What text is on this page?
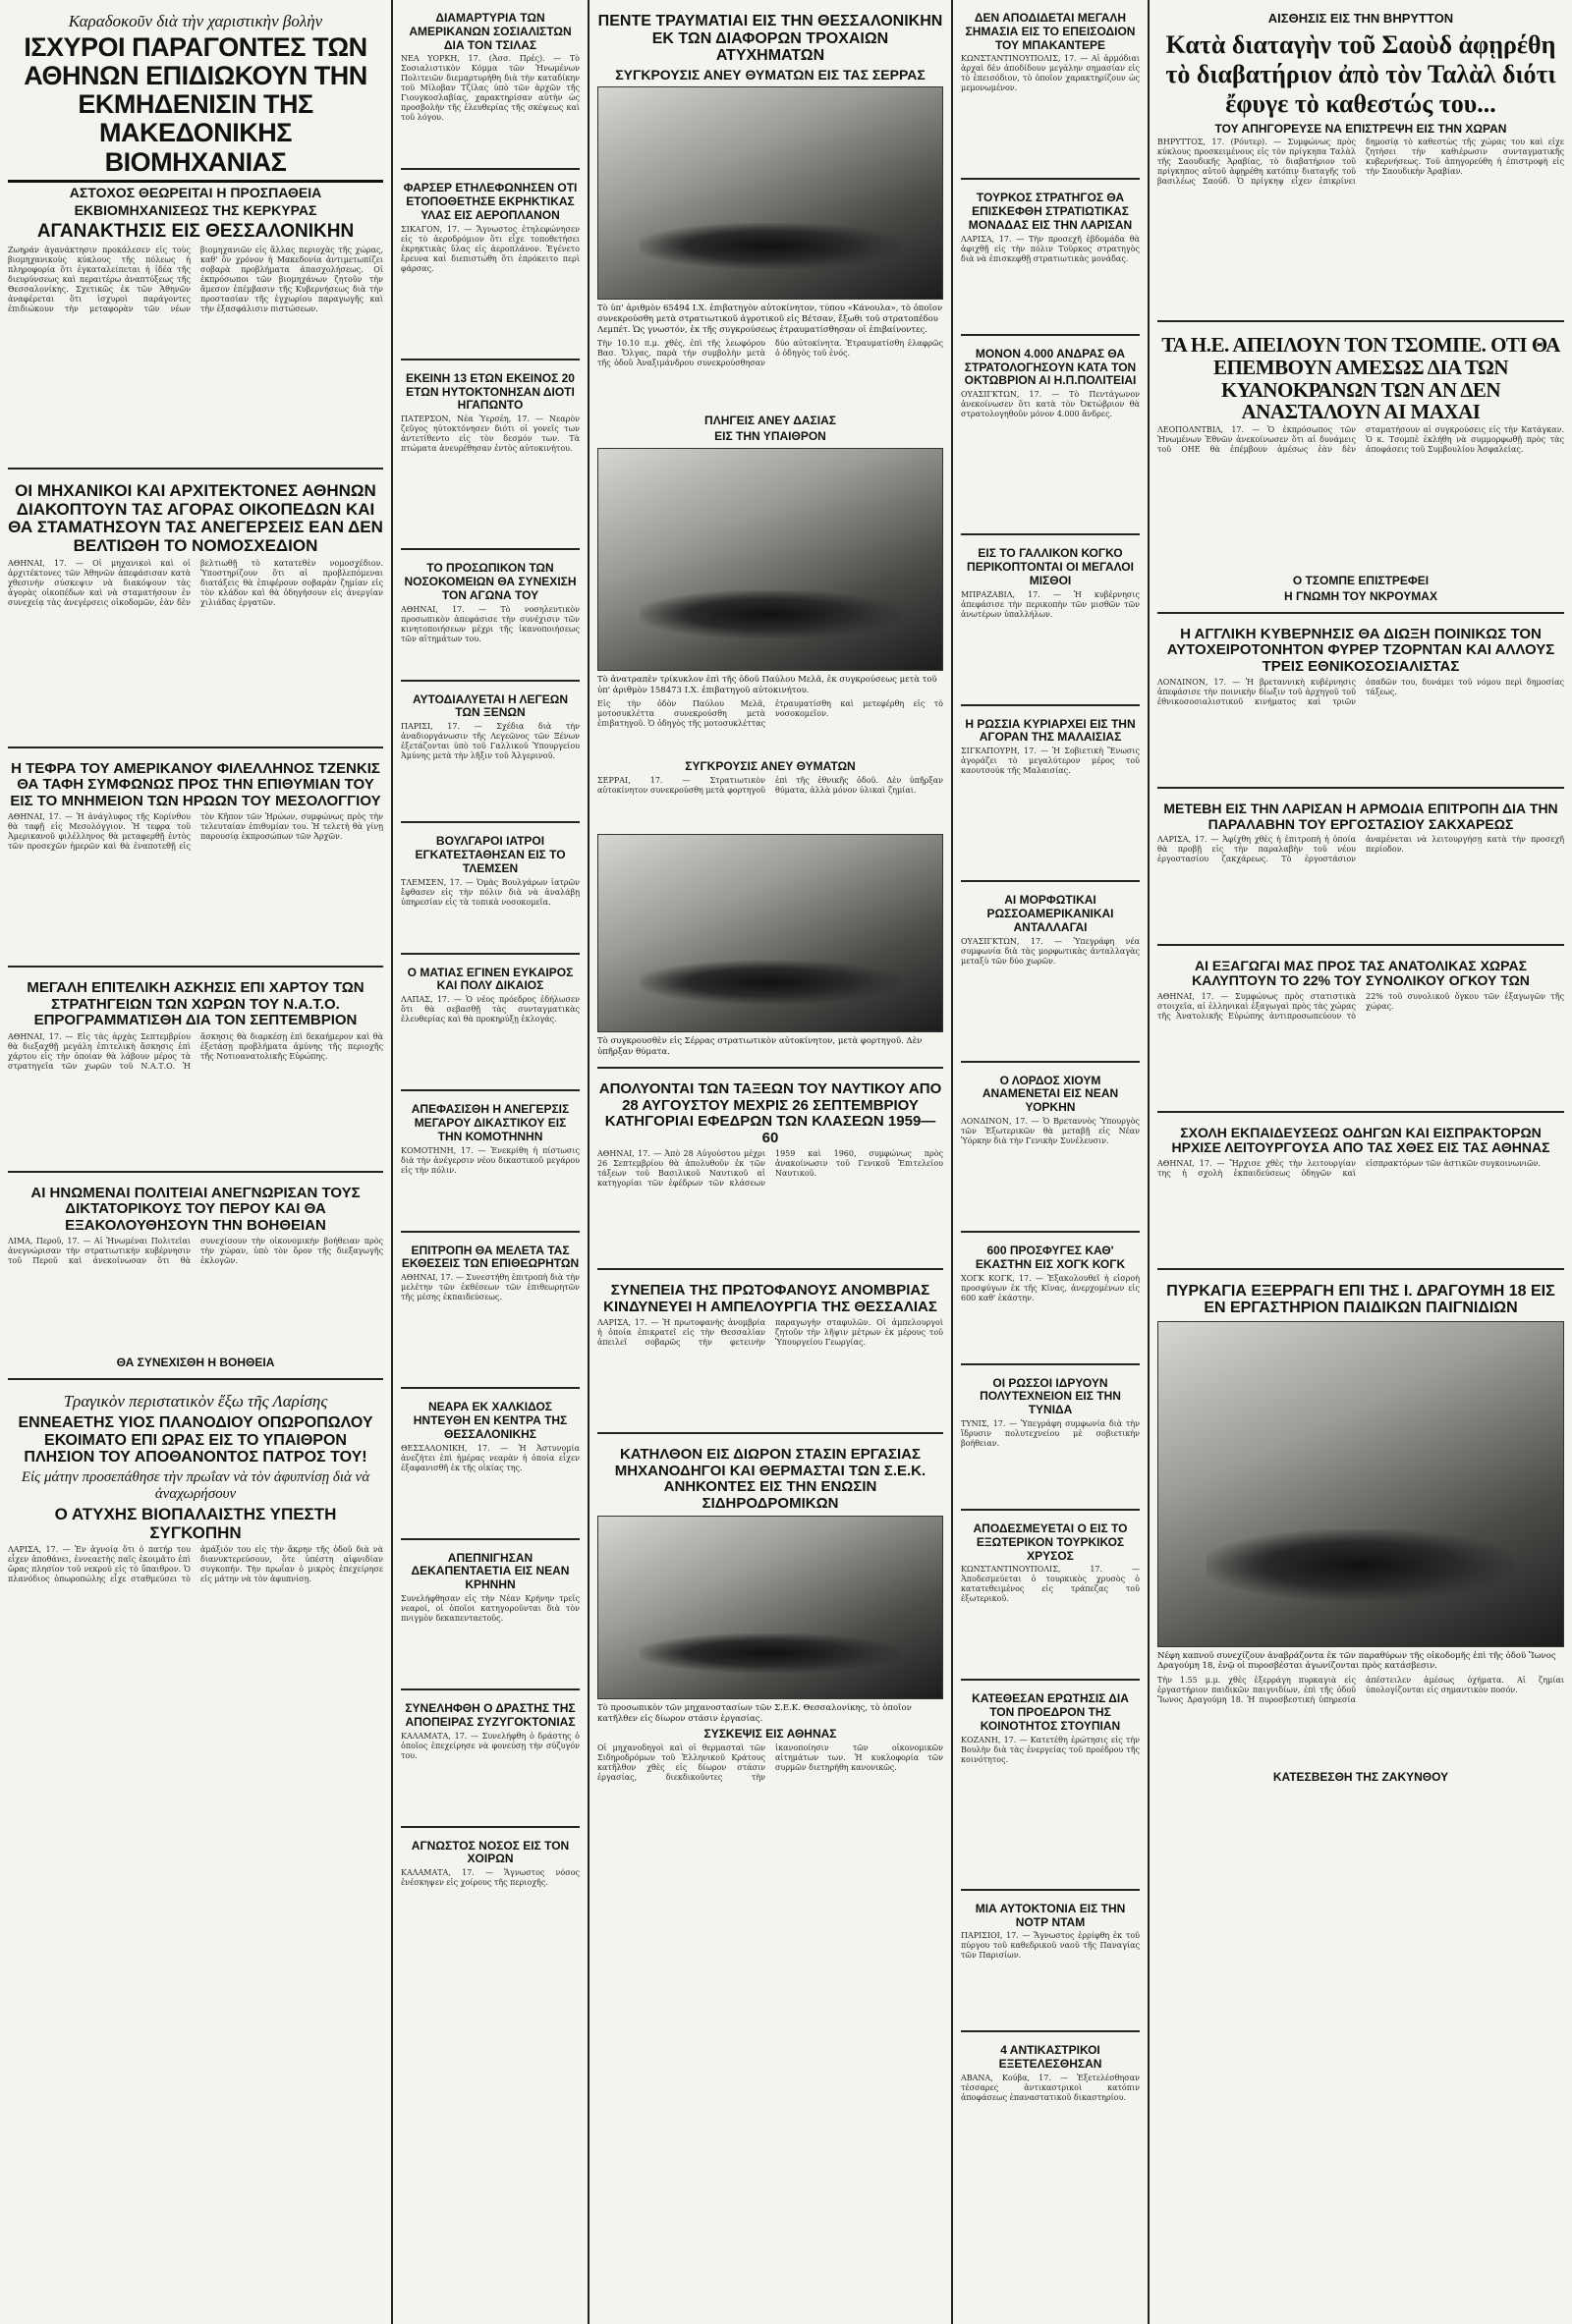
Καραδοκοῦν διὰ τὴν χαριστικὴν βολὴν
ΙΣΧΥΡΟΙ ΠΑΡΑΓΟΝΤΕΣ ΤΩΝ ΑΘΗΝΩΝ ΕΠΙΔΙΩΚΟΥΝ ΤΗΝ ΕΚΜΗΔΕΝΙΣΙΝ ΤΗΣ ΜΑΚΕΔΟΝΙΚΗΣ ΒΙΟΜΗΧΑΝΙΑΣ
ΑΣΤΟΧΟΣ ΘΕΩΡΕΙΤΑΙ Η ΠΡΟΣΠΑΘΕΙΑ
ΕΚΒΙΟΜΗΧΑΝΙΣΕΩΣ ΤΗΣ ΚΕΡΚΥΡΑΣ
ΑΓΑΝΑΚΤΗΣΙΣ ΕΙΣ ΘΕΣΣΑΛΟΝΙΚΗΝ
Ζωηράν ἀγανάκτησιν προκάλεσεν εἰς τοὺς βιομηχανικοὺς κύκλους τῆς πόλεως ἡ πληροφορία ὅτι ἐγκαταλείπεται ἡ ἰδέα τῆς διευρύνσεως καὶ περαιτέρω ἀναπτύξεως τῆς Θεσσαλονίκης. Σχετικῶς ἐκ τῶν Ἀθηνῶν ἀναφέρεται ὅτι ἰσχυροὶ παράγοντες ἐπιδιώκουν τὴν μεταφορὰν τῶν νέων βιομηχανιῶν εἰς ἄλλας περιοχὰς τῆς χώρας, καθ' ὃν χρόνον ἡ Μακεδονία ἀντιμετωπίζει σοβαρὰ προβλήματα ἀπασχολήσεως. Οἱ ἐκπρόσωποι τῶν βιομηχάνων ζητοῦν τὴν ἄμεσον ἐπέμβασιν τῆς Κυβερνήσεως διὰ τὴν προστασίαν τῆς ἐγχωρίου παραγωγῆς καὶ τὴν ἐξασφάλισιν πιστώσεων.
ΟΙ ΜΗΧΑΝΙΚΟΙ ΚΑΙ ΑΡΧΙΤΕΚΤΟΝΕΣ ΑΘΗΝΩΝ ΔΙΑΚΟΠΤΟΥΝ ΤΑΣ ΑΓΟΡΑΣ ΟΙΚΟΠΕΔΩΝ ΚΑΙ ΘΑ ΣΤΑΜΑΤΗΣΟΥΝ ΤΑΣ ΑΝΕΓΕΡΣΕΙΣ ΕΑΝ ΔΕΝ ΒΕΛΤΙΩΘΗ ΤΟ ΝΟΜΟΣΧΕΔΙΟΝ
ΑΘΗΝΑΙ, 17. — Οἱ μηχανικοὶ καὶ οἱ ἀρχιτέκτονες τῶν Ἀθηνῶν ἀπεφάσισαν κατὰ χθεσινὴν σύσκεψιν νὰ διακόψουν τὰς ἀγορὰς οἰκοπέδων καὶ νὰ σταματήσουν ἐν συνεχείᾳ τὰς ἀνεγέρσεις οἰκοδομῶν, ἐὰν δὲν βελτιωθῇ τὸ κατατεθὲν νομοσχέδιον. Ὑποστηρίζουν ὅτι αἱ προβλεπόμεναι διατάξεις θὰ ἐπιφέρουν σοβαρὰν ζημίαν εἰς τὸν κλάδον καὶ θὰ ὁδηγήσουν εἰς ἀνεργίαν χιλιάδας ἐργατῶν.
Η ΤΕΦΡΑ ΤΟΥ ΑΜΕΡΙΚΑΝΟΥ ΦΙΛΕΛΛΗΝΟΣ ΤΖΕΝΚΙΣ ΘΑ ΤΑΦΗ ΣΥΜΦΩΝΩΣ ΠΡΟΣ ΤΗΝ ΕΠΙΘΥΜΙΑΝ ΤΟΥ ΕΙΣ ΤΟ ΜΝΗΜΕΙΟΝ ΤΩΝ ΗΡΩΩΝ ΤΟΥ ΜΕΣΟΛΟΓΓΙΟΥ
ΑΘΗΝΑΙ, 17. — Ἡ ἀνάγλυφος τῆς Κορίνθου θὰ ταφῇ εἰς Μεσολόγγιον. Ἡ τεφρα τοῦ Ἀμερικανοῦ φιλέλληνος θὰ μεταφερθῇ ἐντὸς τῶν προσεχῶν ἡμερῶν καὶ θὰ ἐναποτεθῇ εἰς τὸν Κῆπον τῶν Ἡρώων, συμφώνως πρὸς τὴν τελευταίαν ἐπιθυμίαν του. Ἡ τελετὴ θὰ γίνῃ παρουσίᾳ ἐκπροσώπων τῶν Ἀρχῶν.
ΜΕΓΑΛΗ ΕΠΙΤΕΛΙΚΗ ΑΣΚΗΣΙΣ ΕΠΙ ΧΑΡΤΟΥ ΤΩΝ ΣΤΡΑΤΗΓΕΙΩΝ ΤΩΝ ΧΩΡΩΝ ΤΟΥ Ν.Α.Τ.Ο. ΕΠΡΟΓΡΑΜΜΑΤΙΣΘΗ ΔΙΑ ΤΟΝ ΣΕΠΤΕΜΒΡΙΟΝ
ΑΘΗΝΑΙ, 17. — Εἰς τὰς ἀρχὰς Σεπτεμβρίου θὰ διεξαχθῇ μεγάλη ἐπιτελικὴ ἄσκησις ἐπὶ χάρτου εἰς τὴν ὁποίαν θὰ λάβουν μέρος τὰ στρατηγεῖα τῶν χωρῶν τοῦ Ν.Α.Τ.Ο. Ἡ ἄσκησις θὰ διαρκέσῃ ἐπὶ δεκαήμερον καὶ θὰ ἐξετάσῃ προβλήματα ἀμύνης τῆς περιοχῆς τῆς Νοτιοανατολικῆς Εὐρώπης.
ΑΙ ΗΝΩΜΕΝΑΙ ΠΟΛΙΤΕΙΑΙ ΑΝΕΓΝΩΡΙΣΑΝ ΤΟΥΣ ΔΙΚΤΑΤΟΡΙΚΟΥΣ ΤΟΥ ΠΕΡΟΥ ΚΑΙ ΘΑ ΕΞΑΚΟΛΟΥΘΗΣΟΥΝ ΤΗΝ ΒΟΗΘΕΙΑΝ
ΛΙΜΑ, Περοῦ, 17. — Αἱ Ἡνωμέναι Πολιτεῖαι ἀνεγνώρισαν τὴν στρατιωτικὴν κυβέρνησιν τοῦ Περοῦ καὶ ἀνεκοίνωσαν ὅτι θὰ συνεχίσουν τὴν οἰκονομικὴν βοήθειαν πρὸς τὴν χώραν, ὑπὸ τὸν ὅρον τῆς διεξαγωγῆς ἐκλογῶν.
ΘΑ ΣΥΝΕΧΙΣΘΗ Η ΒΟΗΘΕΙΑ
Τραγικὸν περιστατικὸν ἔξω τῆς Λαρίσης
ΕΝΝΕΑΕΤΗΣ ΥΙΟΣ ΠΛΑΝΟΔΙΟΥ ΟΠΩΡΟΠΩΛΟΥ ΕΚΟΙΜΑΤΟ ΕΠΙ ΩΡΑΣ ΕΙΣ ΤΟ ΥΠΑΙΘΡΟΝ ΠΛΗΣΙΟΝ ΤΟΥ ΑΠΟΘΑΝΟΝΤΟΣ ΠΑΤΡΟΣ ΤΟΥ!
Εἰς μάτην προσεπάθησε τὴν πρωΐαν νὰ τὸν ἀφυπνίσῃ διὰ νὰ ἀναχωρήσουν
Ο ΑΤΥΧΗΣ ΒΙΟΠΑΛΑΙΣΤΗΣ ΥΠΕΣΤΗ ΣΥΓΚΟΠΗΝ
ΛΑΡΙΣΑ, 17. — Ἐν ἀγνοίᾳ ὅτι ὁ πατήρ του εἶχεν ἀποθάνει, ἐννεαετὴς παῖς ἐκοιμᾶτο ἐπὶ ὥρας πλησίον τοῦ νεκροῦ εἰς τὸ ὕπαιθρον. Ὁ πλανόδιος ὀπωροπώλης εἶχε σταθμεύσει τὸ ἁμάξιόν του εἰς τὴν ἄκρην τῆς ὁδοῦ διὰ νὰ διανυκτερεύσουν, ὅτε ὑπέστη αἰφνιδίαν συγκοπήν. Τὴν πρωΐαν ὁ μικρὸς ἐπεχείρησε εἰς μάτην νὰ τὸν ἀφυπνίσῃ.
ΔΙΑΜΑΡΤΥΡΙΑ ΤΩΝ ΑΜΕΡΙΚΑΝΩΝ ΣΟΣΙΑΛΙΣΤΩΝ ΔΙΑ ΤΟΝ ΤΣΙΛΑΣ
ΝΕΑ ΥΟΡΚΗ, 17. (Ἀσσ. Πρές). — Τὸ Σοσιαλιστικὸν Κόμμα τῶν Ἡνωμένων Πολιτειῶν διεμαρτυρήθη διὰ τὴν καταδίκην τοῦ Μίλοβαν Τζίλας ὑπὸ τῶν ἀρχῶν τῆς Γιουγκοσλαβίας, χαρακτηρίσαν αὐτὴν ὡς προσβολὴν τῆς ἐλευθερίας τῆς σκέψεως καὶ τοῦ λόγου.
ΦΑΡΣΕΡ ΕΤΗΛΕΦΩΝΗΣΕΝ ΟΤΙ ΕΤΟΠΟΘΕΤΗΣΕ ΕΚΡΗΚΤΙΚΑΣ ΥΛΑΣ ΕΙΣ ΑΕΡΟΠΛΑΝΟΝ
ΣΙΚΑΓΟΝ, 17. — Ἄγνωστος ἐτηλεφώνησεν εἰς τὸ ἀεροδρόμιον ὅτι εἶχε τοποθετήσει ἐκρηκτικὰς ὕλας εἰς ἀεροπλάνον. Ἐγένετο ἔρευνα καὶ διεπιστώθη ὅτι ἐπρόκειτο περὶ φάρσας.
ΕΚΕΙΝΗ 13 ΕΤΩΝ ΕΚΕΙΝΟΣ 20 ΕΤΩΝ ΗΥΤΟΚΤΟΝΗΣΑΝ ΔΙΟΤΙ ΗΓΑΠΩΝΤΟ
ΠΑΤΕΡΣΟΝ, Νέα Ὑερσέη, 17. — Νεαρὸν ζεῦγος ηὐτοκτόνησεν διότι οἱ γονεῖς των ἀντετίθεντο εἰς τὸν δεσμόν των. Τὰ πτώματα ἀνευρέθησαν ἐντὸς αὐτοκινήτου.
ΤΟ ΠΡΟΣΩΠΙΚΟΝ ΤΩΝ ΝΟΣΟΚΟΜΕΙΩΝ ΘΑ ΣΥΝΕΧΙΣΗ ΤΟΝ ΑΓΩΝΑ ΤΟΥ
ΑΘΗΝΑΙ, 17. — Τὸ νοσηλευτικὸν προσωπικὸν ἀπεφάσισε τὴν συνέχισιν τῶν κινητοποιήσεων μέχρι τῆς ἱκανοποιήσεως τῶν αἰτημάτων του.
ΑΥΤΟΔΙΑΛΥΕΤΑΙ Η ΛΕΓΕΩΝ ΤΩΝ ΞΕΝΩΝ
ΠΑΡΙΣΙ, 17. — Σχέδια διὰ τὴν ἀναδιοργάνωσιν τῆς Λεγεῶνος τῶν Ξένων ἐξετάζονται ὑπὸ τοῦ Γαλλικοῦ Ὑπουργείου Ἀμύνης μετὰ τὴν λῆξιν τοῦ Ἀλγερινοῦ.
ΒΟΥΛΓΑΡΟΙ ΙΑΤΡΟΙ ΕΓΚΑΤΕΣΤΑΘΗΣΑΝ ΕΙΣ ΤΟ ΤΛΕΜΣΕΝ
ΤΛΕΜΣΕΝ, 17. — Ὁμὰς Βουλγάρων ἰατρῶν ἔφθασεν εἰς τὴν πόλιν διὰ νὰ ἀναλάβῃ ὑπηρεσίαν εἰς τὰ τοπικὰ νοσοκομεῖα.
Ο ΜΑΤΙΑΣ ΕΓΙΝΕΝ ΕΥΚΑΙΡΟΣ ΚΑΙ ΠΟΛΥ ΔΙΚΑΙΟΣ
ΛΑΠΑΣ, 17. — Ὁ νέος πρόεδρος ἐδήλωσεν ὅτι θὰ σεβασθῇ τὰς συνταγματικὰς ἐλευθερίας καὶ θὰ προκηρύξῃ ἐκλογάς.
ΑΠΕΦΑΣΙΣΘΗ Η ΑΝΕΓΕΡΣΙΣ ΜΕΓΑΡΟΥ ΔΙΚΑΣΤΙΚΟΥ ΕΙΣ ΤΗΝ ΚΟΜΟΤΗΝΗΝ
ΚΟΜΟΤΗΝΗ, 17. — Ἐνεκρίθη ἡ πίστωσις διὰ τὴν ἀνέγερσιν νέου δικαστικοῦ μεγάρου εἰς τὴν πόλιν.
ΕΠΙΤΡΟΠΗ ΘΑ ΜΕΛΕΤΑ ΤΑΣ ΕΚΘΕΣΕΙΣ ΤΩΝ ΕΠΙΘΕΩΡΗΤΩΝ
ΑΘΗΝΑΙ, 17. — Συνεστήθη ἐπιτροπὴ διὰ τὴν μελέτην τῶν ἐκθέσεων τῶν ἐπιθεωρητῶν τῆς μέσης ἐκπαιδεύσεως.
ΝΕΑΡΑ ΕΚ ΧΑΛΚΙΔΟΣ ΗΝΤΕΥΘΗ ΕΝ ΚΕΝΤΡΑ ΤΗΣ ΘΕΣΣΑΛΟΝΙΚΗΣ
ΘΕΣΣΑΛΟΝΙΚΗ, 17. — Ἡ Ἀστυνομία ἀνεζήτει ἐπὶ ἡμέρας νεαρὰν ἡ ὁποία εἶχεν ἐξαφανισθῆ ἐκ τῆς οἰκίας της.
ΑΠΕΠΝΙΓΗΣΑΝ ΔΕΚΑΠΕΝΤΑΕΤΙΑ ΕΙΣ ΝΕΑΝ ΚΡΗΝΗΝ
Συνελήφθησαν εἰς τὴν Νέαν Κρήνην τρεῖς νεαροί, οἱ ὁποῖοι κατηγοροῦνται διὰ τὸν πνιγμὸν δεκαπενταετοῦς.
ΣΥΝΕΛΗΦΘΗ Ο ΔΡΑΣΤΗΣ ΤΗΣ ΑΠΟΠΕΙΡΑΣ ΣΥΖΥΓΟΚΤΟΝΙΑΣ
ΚΑΛΑΜΑΤΑ, 17. — Συνελήφθη ὁ δράστης ὁ ὁποῖος ἐπεχείρησε νὰ φονεύσῃ τὴν σύζυγόν του.
ΑΓΝΩΣΤΟΣ ΝΟΣΟΣ ΕΙΣ ΤΟΝ ΧΟΙΡΩΝ
ΚΑΛΑΜΑΤΑ, 17. — Ἄγνωστος νόσος ἐνέσκηψεν εἰς χοίρους τῆς περιοχῆς.
ΠΕΝΤΕ ΤΡΑΥΜΑΤΙΑΙ ΕΙΣ ΤΗΝ ΘΕΣΣΑΛΟΝΙΚΗΝ ΕΚ ΤΩΝ ΔΙΑΦΟΡΩΝ ΤΡΟΧΑΙΩΝ ΑΤΥΧΗΜΑΤΩΝ
ΣΥΓΚΡΟΥΣΙΣ ΑΝΕΥ ΘΥΜΑΤΩΝ ΕΙΣ ΤΑΣ ΣΕΡΡΑΣ
Τὸ ὑπ' ἀριθμὸν 65494 Ι.Χ. ἐπιβατηγὸν αὐτοκίνητον, τύπου «Κάνουλα», τὸ ὁποῖον συνεκρούσθη μετὰ στρατιωτικοῦ ἀγροτικοῦ εἰς Βέτσαν, ἔξωθι τοῦ στρατοπέδου Λεμπέτ. Ὡς γνωστόν, ἐκ τῆς συγκρούσεως ἐτραυματίσθησαν οἱ ἐπιβαίνοντες.
Τὴν 10.10 π.μ. χθές, ἐπὶ τῆς λεωφόρου Βασ. Ὄλγας, παρὰ τὴν συμβολὴν μετὰ τῆς ὁδοῦ Ἀναξιμάνδρου συνεκρούσθησαν δύο αὐτοκίνητα. Ἐτραυματίσθη ἐλαφρῶς ὁ ὁδηγὸς τοῦ ἑνός.
ΠΛΗΓΕΙΣ ΑΝΕΥ ΔΑΣΙΑΣ
ΕΙΣ ΤΗΝ ΥΠΑΙΘΡΟΝ
Τὸ ἀνατραπὲν τρίκυκλον ἐπὶ τῆς ὁδοῦ Παύλου Μελᾶ, ἐκ συγκρούσεως μετὰ τοῦ ὑπ' ἀριθμὸν 158473 Ι.Χ. ἐπιβατηγοῦ αὐτοκινήτου.
Εἰς τὴν ὁδὸν Παύλου Μελᾶ, μοτοσυκλέττα συνεκρούσθη μετὰ ἐπιβατηγοῦ. Ὁ ὁδηγὸς τῆς μοτοσυκλέττας ἐτραυματίσθη καὶ μετεφέρθη εἰς τὸ νοσοκομεῖον.
ΣΥΓΚΡΟΥΣΙΣ ΑΝΕΥ ΘΥΜΑΤΩΝ
ΣΕΡΡΑΙ, 17. — Στρατιωτικὸν αὐτοκίνητον συνεκρούσθη μετὰ φορτηγοῦ ἐπὶ τῆς ἐθνικῆς ὁδοῦ. Δὲν ὑπῆρξαν θύματα, ἀλλὰ μόνον ὑλικαὶ ζημίαι.
Τὸ συγκρουσθὲν εἰς Σέρρας στρατιωτικὸν αὐτοκίνητον, μετὰ φορτηγοῦ. Δὲν ὑπῆρξαν θύματα.
ΑΠΟΛΥΟΝΤΑΙ ΤΩΝ ΤΑΞΕΩΝ ΤΟΥ ΝΑΥΤΙΚΟΥ ΑΠΟ 28 ΑΥΓΟΥΣΤΟΥ ΜΕΧΡΙΣ 26 ΣΕΠΤΕΜΒΡΙΟΥ ΚΑΤΗΓΟΡΙΑΙ ΕΦΕΔΡΩΝ ΤΩΝ ΚΛΑΣΕΩΝ 1959—60
ΑΘΗΝΑΙ, 17. — Ἀπὸ 28 Αὐγούστου μέχρι 26 Σεπτεμβρίου θὰ ἀπολυθοῦν ἐκ τῶν τάξεων τοῦ Βασιλικοῦ Ναυτικοῦ αἱ κατηγορίαι τῶν ἐφέδρων τῶν κλάσεων 1959 καὶ 1960, συμφώνως πρὸς ἀνακοίνωσιν τοῦ Γενικοῦ Ἐπιτελείου Ναυτικοῦ.
ΣΥΝΕΠΕΙΑ ΤΗΣ ΠΡΩΤΟΦΑΝΟΥΣ ΑΝΟΜΒΡΙΑΣ ΚΙΝΔΥΝΕΥΕΙ Η ΑΜΠΕΛΟΥΡΓΙΑ ΤΗΣ ΘΕΣΣΑΛΙΑΣ
ΛΑΡΙΣΑ, 17. — Ἡ πρωτοφανὴς ἀνομβρία ἡ ὁποία ἐπικρατεῖ εἰς τὴν Θεσσαλίαν ἀπειλεῖ σοβαρῶς τὴν φετεινὴν παραγωγὴν σταφυλῶν. Οἱ ἀμπελουργοὶ ζητοῦν τὴν λῆψιν μέτρων ἐκ μέρους τοῦ Ὑπουργείου Γεωργίας.
ΚΑΤΗΛΘΟΝ ΕΙΣ ΔΙΩΡΟΝ ΣΤΑΣΙΝ ΕΡΓΑΣΙΑΣ ΜΗΧΑΝΟΔΗΓΟΙ ΚΑΙ ΘΕΡΜΑΣΤΑΙ ΤΩΝ Σ.Ε.Κ. ΑΝΗΚΟΝΤΕΣ ΕΙΣ ΤΗΝ ΕΝΩΣΙΝ ΣΙΔΗΡΟΔΡΟΜΙΚΩΝ
Τὸ προσωπικὸν τῶν μηχανοστασίων τῶν Σ.Ε.Κ. Θεσσαλονίκης, τὸ ὁποῖον κατῆλθεν εἰς δίωρον στάσιν ἐργασίας.
ΣΥΣΚΕΨΙΣ ΕΙΣ ΑΘΗΝΑΣ
Οἱ μηχανοδηγοὶ καὶ οἱ θερμασταὶ τῶν Σιδηροδρόμων τοῦ Ἑλληνικοῦ Κράτους κατῆλθον χθὲς εἰς δίωρον στάσιν ἐργασίας, διεκδικοῦντες τὴν ἱκανοποίησιν τῶν οἰκονομικῶν αἰτημάτων των. Ἡ κυκλοφορία τῶν συρμῶν διετηρήθη κανονικῶς.
ΔΕΝ ΑΠΟΔΙΔΕΤΑΙ ΜΕΓΑΛΗ ΣΗΜΑΣΙΑ ΕΙΣ ΤΟ ΕΠΕΙΣΟΔΙΟΝ ΤΟΥ ΜΠΑΚΑΝΤΕΡΕ
ΚΩΝΣΤΑΝΤΙΝΟΥΠΟΛΙΣ, 17. — Αἱ ἁρμόδιαι ἀρχαὶ δὲν ἀποδίδουν μεγάλην σημασίαν εἰς τὸ ἐπεισόδιον, τὸ ὁποῖον χαρακτηρίζουν ὡς μεμονωμένον.
ΤΟΥΡΚΟΣ ΣΤΡΑΤΗΓΟΣ ΘΑ ΕΠΙΣΚΕΦΘΗ ΣΤΡΑΤΙΩΤΙΚΑΣ ΜΟΝΑΔΑΣ ΕΙΣ ΤΗΝ ΛΑΡΙΣΑΝ
ΛΑΡΙΣΑ, 17. — Τὴν προσεχῆ ἑβδομάδα θὰ ἀφιχθῇ εἰς τὴν πόλιν Τοῦρκος στρατηγὸς διὰ νὰ ἐπισκεφθῇ στρατιωτικὰς μονάδας.
ΜΟΝΟΝ 4.000 ΑΝΔΡΑΣ ΘΑ ΣΤΡΑΤΟΛΟΓΗΣΟΥΝ ΚΑΤΑ ΤΟΝ ΟΚΤΩΒΡΙΟΝ ΑΙ Η.Π.ΠΟΛΙΤΕΙΑΙ
ΟΥΑΣΙΓΚΤΩΝ, 17. — Τὸ Πεντάγωνον ἀνεκοίνωσεν ὅτι κατὰ τὸν Ὀκτώβριον θὰ στρατολογηθοῦν μόνον 4.000 ἄνδρες.
ΕΙΣ ΤΟ ΓΑΛΛΙΚΟΝ ΚΟΓΚΟ ΠΕΡΙΚΟΠΤΟΝΤΑΙ ΟΙ ΜΕΓΑΛΟΙ ΜΙΣΘΟΙ
ΜΠΡΑΖΑΒΙΛ, 17. — Ἡ κυβέρνησις ἀπεφάσισε τὴν περικοπὴν τῶν μισθῶν τῶν ἀνωτέρων ὑπαλλήλων.
Η ΡΩΣΣΙΑ ΚΥΡΙΑΡΧΕΙ ΕΙΣ ΤΗΝ ΑΓΟΡΑΝ ΤΗΣ ΜΑΛΑΙΣΙΑΣ
ΣΙΓΚΑΠΟΥΡΗ, 17. — Ἡ Σοβιετικὴ Ἕνωσις ἀγοράζει τὸ μεγαλύτερον μέρος τοῦ καουτσούκ τῆς Μαλαισίας.
ΑΙ ΜΟΡΦΩΤΙΚΑΙ ΡΩΣΣΟΑΜΕΡΙΚΑΝΙΚΑΙ ΑΝΤΑΛΛΑΓΑΙ
ΟΥΑΣΙΓΚΤΩΝ, 17. — Ὑπεγράφη νέα συμφωνία διὰ τὰς μορφωτικὰς ἀνταλλαγὰς μεταξὺ τῶν δύο χωρῶν.
Ο ΛΟΡΔΟΣ ΧΙΟΥΜ ΑΝΑΜΕΝΕΤΑΙ ΕΙΣ ΝΕΑΝ ΥΟΡΚΗΝ
ΛΟΝΔΙΝΟΝ, 17. — Ὁ Βρεταννὸς Ὑπουργὸς τῶν Ἐξωτερικῶν θὰ μεταβῇ εἰς Νέαν Ὑόρκην διὰ τὴν Γενικὴν Συνέλευσιν.
600 ΠΡΟΣΦΥΓΕΣ ΚΑΘ' ΕΚΑΣΤΗΝ ΕΙΣ ΧΟΓΚ ΚΟΓΚ
ΧΟΓΚ ΚΟΓΚ, 17. — Ἐξακολουθεῖ ἡ εἰσροὴ προσφύγων ἐκ τῆς Κίνας, ἀνερχομένων εἰς 600 καθ' ἑκάστην.
ΟΙ ΡΩΣΣΟΙ ΙΔΡΥΟΥΝ ΠΟΛΥΤΕΧΝΕΙΟΝ ΕΙΣ ΤΗΝ ΤΥΝΙΔΑ
ΤΥΝΙΣ, 17. — Ὑπεγράφη συμφωνία διὰ τὴν ἵδρυσιν πολυτεχνείου μὲ σοβιετικὴν βοήθειαν.
ΑΠΟΔΕΣΜΕΥΕΤΑΙ Ο ΕΙΣ ΤΟ ΕΞΩΤΕΡΙΚΟΝ ΤΟΥΡΚΙΚΟΣ ΧΡΥΣΟΣ
ΚΩΝΣΤΑΝΤΙΝΟΥΠΟΛΙΣ, 17. — Ἀποδεσμεύεται ὁ τουρκικὸς χρυσὸς ὁ κατατεθειμένος εἰς τράπεζας τοῦ ἐξωτερικοῦ.
ΚΑΤΕΘΕΣΑΝ ΕΡΩΤΗΣΙΣ ΔΙΑ ΤΟΝ ΠΡΟΕΔΡΟΝ ΤΗΣ ΚΟΙΝΟΤΗΤΟΣ ΣΤΟΥΠΙΑΝ
ΚΟΖΑΝΗ, 17. — Κατετέθη ἐρώτησις εἰς τὴν Βουλὴν διὰ τὰς ἐνεργείας τοῦ προέδρου τῆς κοινότητος.
ΜΙΑ ΑΥΤΟΚΤΟΝΙΑ ΕΙΣ ΤΗΝ ΝΟΤΡ ΝΤΑΜ
ΠΑΡΙΣΙΟΙ, 17. — Ἄγνωστος ἐρρίφθη ἐκ τοῦ πύργου τοῦ καθεδρικοῦ ναοῦ τῆς Παναγίας τῶν Παρισίων.
4 ΑΝΤΙΚΑΣΤΡΙΚΟΙ ΕΞΕΤΕΛΕΣΘΗΣΑΝ
ΑΒΑΝΑ, Κούβα, 17. — Ἐξετελέσθησαν τέσσαρες ἀντικαστρικοὶ κατόπιν ἀποφάσεως ἐπαναστατικοῦ δικαστηρίου.
ΑΙΣΘΗΣΙΣ ΕΙΣ ΤΗΝ ΒΗΡΥΤΤΟΝ
Κατὰ διαταγὴν τοῦ Σαοὺδ ἀφῃρέθη τὸ διαβατήριον ἀπὸ τὸν Ταλὰλ διότι ἔφυγε τὸ καθεστώς του...
ΤΟΥ ΑΠΗΓΟΡΕΥΣΕ ΝΑ ΕΠΙΣΤΡΕΨΗ ΕΙΣ ΤΗΝ ΧΩΡΑΝ
ΒΗΡΥΤΤΟΣ, 17. (Ρόυτερ). — Συμφώνως πρὸς κύκλους προσκειμένους εἰς τὸν πρίγκηπα Ταλὰλ τῆς Σαουδικῆς Ἀραβίας, τὸ διαβατήριον τοῦ πρίγκηπος αὐτοῦ ἀφῃρέθη κατόπιν διαταγῆς τοῦ βασιλέως Σαούδ. Ὁ πρίγκηψ εἶχεν ἐπικρίνει δημοσίᾳ τὸ καθεστὼς τῆς χώρας του καὶ εἶχε ζητήσει τὴν καθιέρωσιν συνταγματικῆς κυβερνήσεως. Τοῦ ἀπηγορεύθη ἡ ἐπιστροφὴ εἰς τὴν Σαουδικὴν Ἀραβίαν.
ΤΑ Η.Ε. ΑΠΕΙΛΟΥΝ ΤΟΝ ΤΣΟΜΠΕ. ΟΤΙ ΘΑ ΕΠΕΜΒΟΥΝ ΑΜΕΣΩΣ ΔΙΑ ΤΩΝ ΚΥΑΝΟΚΡΑΝΩΝ ΤΩΝ ΑΝ ΔΕΝ ΑΝΑΣΤΑΛΟΥΝ ΑΙ ΜΑΧΑΙ
ΛΕΟΠΟΛΝΤΒΙΛ, 17. — Ὁ ἐκπρόσωπος τῶν Ἡνωμένων Ἐθνῶν ἀνεκοίνωσεν ὅτι αἱ δυνάμεις τοῦ ΟΗΕ θὰ ἐπέμβουν ἀμέσως ἐὰν δὲν σταματήσουν αἱ συγκρούσεις εἰς τὴν Κατάγκαν. Ὁ κ. Τσομπὲ ἐκλήθη νὰ συμμορφωθῇ πρὸς τὰς ἀποφάσεις τοῦ Συμβουλίου Ἀσφαλείας.
Ο ΤΣΟΜΠΕ ΕΠΙΣΤΡΕΦΕΙ
Η ΓΝΩΜΗ ΤΟΥ ΝΚΡΟΥΜΑΧ
Η ΑΓΓΛΙΚΗ ΚΥΒΕΡΝΗΣΙΣ ΘΑ ΔΙΩΞΗ ΠΟΙΝΙΚΩΣ ΤΟΝ ΑΥΤΟΧΕΙΡΟΤΟΝΗΤΟΝ ΦΥΡΕΡ ΤΖΟΡΝΤΑΝ ΚΑΙ ΑΛΛΟΥΣ ΤΡΕΙΣ ΕΘΝΙΚΟΣΟΣΙΑΛΙΣΤΑΣ
ΛΟΝΔΙΝΟΝ, 17. — Ἡ βρεταννικὴ κυβέρνησις ἀπεφάσισε τὴν ποινικὴν δίωξιν τοῦ ἀρχηγοῦ τοῦ ἐθνικοσοσιαλιστικοῦ κινήματος καὶ τριῶν ὀπαδῶν του, δυνάμει τοῦ νόμου περὶ δημοσίας τάξεως.
ΜΕΤΕΒΗ ΕΙΣ ΤΗΝ ΛΑΡΙΣΑΝ Η ΑΡΜΟΔΙΑ ΕΠΙΤΡΟΠΗ ΔΙΑ ΤΗΝ ΠΑΡΑΛΑΒΗΝ ΤΟΥ ΕΡΓΟΣΤΑΣΙΟΥ ΣΑΚΧΑΡΕΩΣ
ΛΑΡΙΣΑ, 17. — Ἀφίχθη χθὲς ἡ ἐπιτροπὴ ἡ ὁποία θὰ προβῇ εἰς τὴν παραλαβὴν τοῦ νέου ἐργοστασίου ζακχάρεως. Τὸ ἐργοστάσιον ἀναμένεται νὰ λειτουργήσῃ κατὰ τὴν προσεχῆ περίοδον.
ΑΙ ΕΞΑΓΩΓΑΙ ΜΑΣ ΠΡΟΣ ΤΑΣ ΑΝΑΤΟΛΙΚΑΣ ΧΩΡΑΣ ΚΑΛΥΠΤΟΥΝ ΤΟ 22% ΤΟΥ ΣΥΝΟΛΙΚΟΥ ΟΓΚΟΥ ΤΩΝ
ΑΘΗΝΑΙ, 17. — Συμφώνως πρὸς στατιστικὰ στοιχεῖα, αἱ ἑλληνικαὶ ἐξαγωγαὶ πρὸς τὰς χώρας τῆς Ἀνατολικῆς Εὐρώπης ἀντιπροσωπεύουν τὸ 22% τοῦ συνολικοῦ ὄγκου τῶν ἐξαγωγῶν τῆς χώρας.
ΣΧΟΛΗ ΕΚΠΑΙΔΕΥΣΕΩΣ ΟΔΗΓΩΝ ΚΑΙ ΕΙΣΠΡΑΚΤΟΡΩΝ ΗΡΧΙΣΕ ΛΕΙΤΟΥΡΓΟΥΣΑ ΑΠΟ ΤΑΣ ΧΘΕΣ ΕΙΣ ΤΑΣ ΑΘΗΝΑΣ
ΑΘΗΝΑΙ, 17. — Ἤρχισε χθὲς τὴν λειτουργίαν της ἡ σχολὴ ἐκπαιδεύσεως ὁδηγῶν καὶ εἰσπρακτόρων τῶν ἀστικῶν συγκοινωνιῶν.
ΠΥΡΚΑΓΙΑ ΕΞΕΡΡΑΓΗ ΕΠΙ ΤΗΣ Ι. ΔΡΑΓΟΥΜΗ 18 ΕΙΣ ΕΝ ΕΡΓΑΣΤΗΡΙΟΝ ΠΑΙΔΙΚΩΝ ΠΑΙΓΝΙΔΙΩΝ
Νέφη καπνοῦ συνεχίζουν ἀναβράζοντα ἐκ τῶν παραθύρων τῆς οἰκοδομῆς ἐπὶ τῆς ὁδοῦ Ἴωνος Δραγούμη 18, ἐνῷ οἱ πυροσβέσται ἀγωνίζονται πρὸς κατάσβεσιν.
Τὴν 1.55 μ.μ. χθὲς ἐξερράγη πυρκαγιὰ εἰς ἐργαστήριον παιδικῶν παιγνιδίων, ἐπὶ τῆς ὁδοῦ Ἴωνος Δραγούμη 18. Ἡ πυροσβεστικὴ ὑπηρεσία ἀπέστειλεν ἀμέσως ὀχήματα. Αἱ ζημίαι ὑπολογίζονται εἰς σημαντικὸν ποσόν.
ΚΑΤΕΣΒΕΣΘΗ ΤΗΣ ΖΑΚΥΝΘΟΥ
